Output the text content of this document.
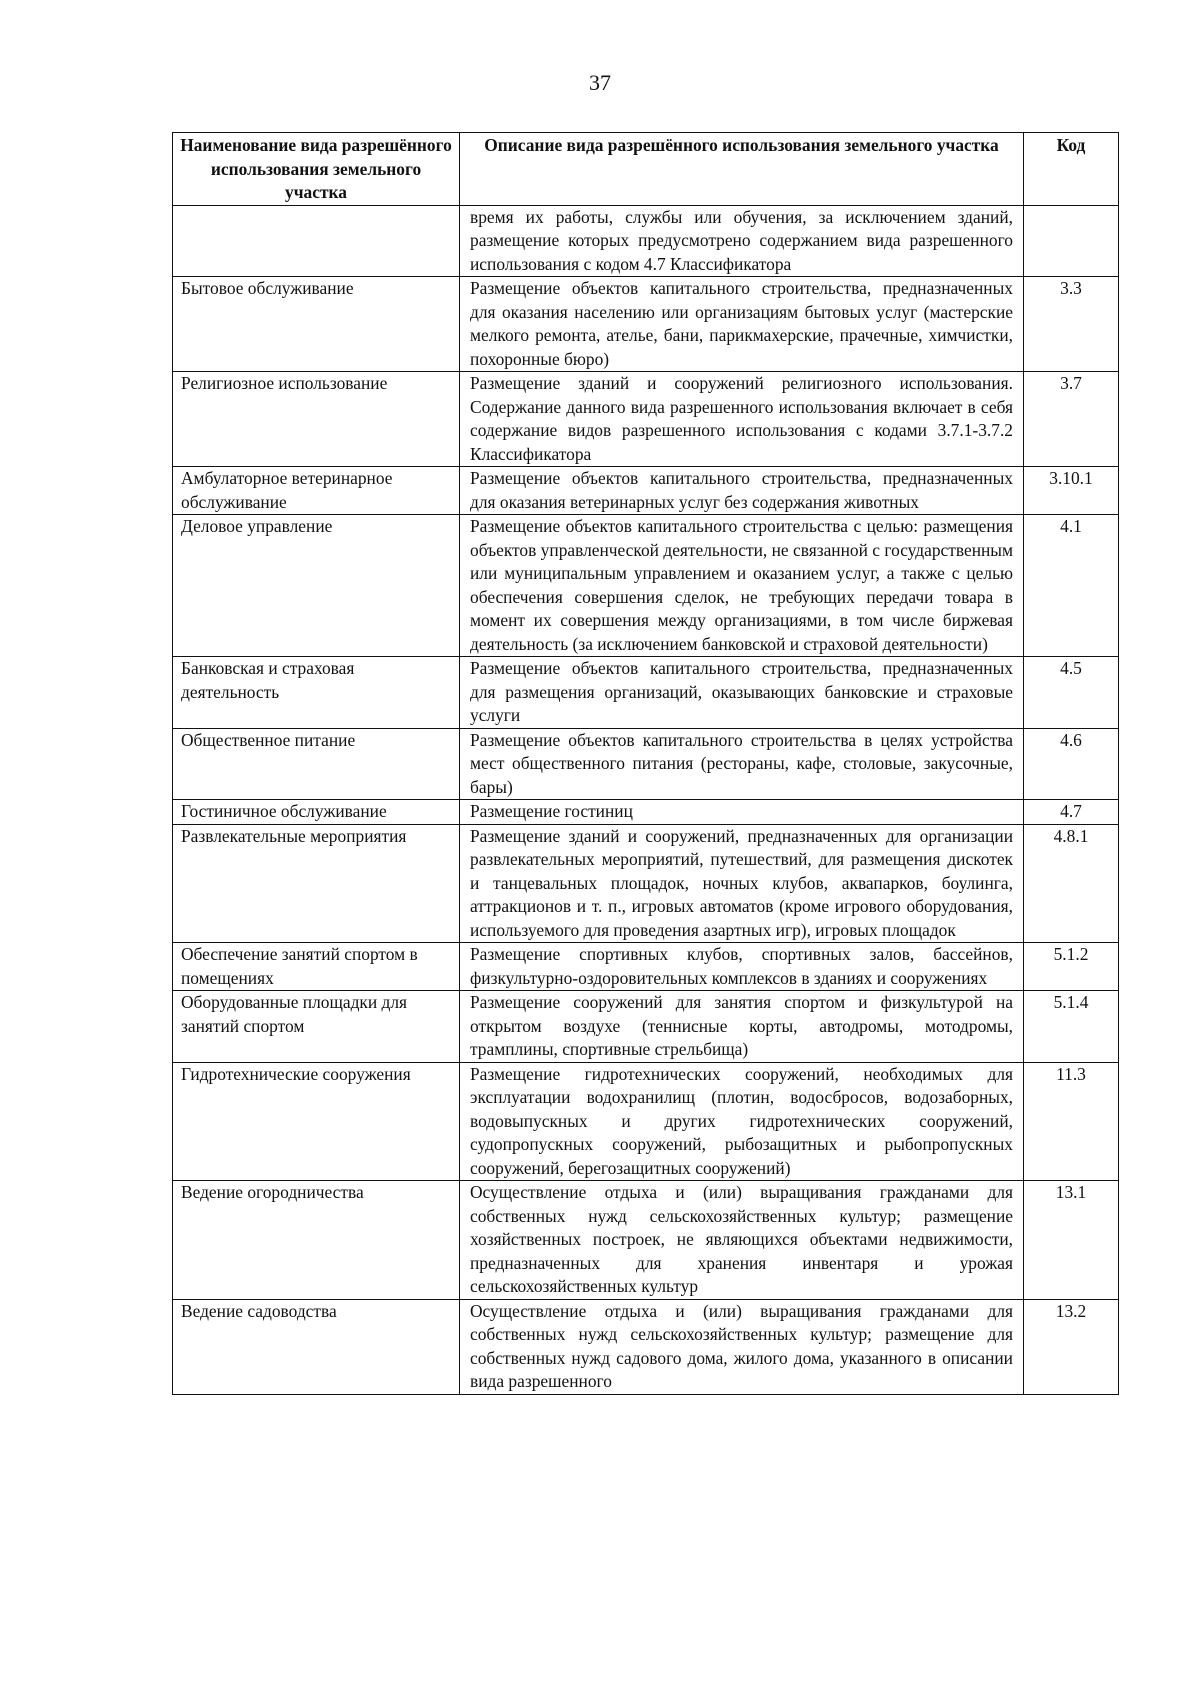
37
Наименование вида разрешённого использования земельного участка	Описание вида разрешённого использования земельного участка	Код
	время их работы, службы или обучения, за исключением зданий, размещение которых предусмотрено содержанием вида разрешенного использования с кодом 4.7 Классификатора	
Бытовое обслуживание	Размещение объектов капитального строительства, предназначенных для оказания населению или организациям бытовых услуг (мастерские мелкого ремонта, ателье, бани, парикмахерские, прачечные, химчистки, похоронные бюро)	3.3
Религиозное использование	Размещение зданий и сооружений религиозного использования. Содержание данного вида разрешенного использования включает в себя содержание видов разрешенного использования с кодами 3.7.1-3.7.2 Классификатора	3.7
Амбулаторное ветеринарное обслуживание	Размещение объектов капитального строительства, предназначенных для оказания ветеринарных услуг без содержания животных	3.10.1
Деловое управление	Размещение объектов капитального строительства с целью: размещения объектов управленческой деятельности, не связанной с государственным или муниципальным управлением и оказанием услуг, а также с целью обеспечения совершения сделок, не требующих передачи товара в момент их совершения между организациями, в том числе биржевая деятельность (за исключением банковской и страховой деятельности)	4.1
Банковская и страховая деятельность	Размещение объектов капитального строительства, предназначенных для размещения организаций, оказывающих банковские и страховые услуги	4.5
Общественное питание	Размещение объектов капитального строительства в целях устройства мест общественного питания (рестораны, кафе, столовые, закусочные, бары)	4.6
Гостиничное обслуживание	Размещение гостиниц	4.7
Развлекательные мероприятия	Размещение зданий и сооружений, предназначенных для организации развлекательных мероприятий, путешествий, для размещения дискотек и танцевальных площадок, ночных клубов, аквапарков, боулинга, аттракционов и т. п., игровых автоматов (кроме игрового оборудования, используемого для проведения азартных игр), игровых площадок	4.8.1
Обеспечение занятий спортом в помещениях	Размещение спортивных клубов, спортивных залов, бассейнов, физкультурно-оздоровительных комплексов в зданиях и сооружениях	5.1.2
Оборудованные площадки для занятий спортом	Размещение сооружений для занятия спортом и физкультурой на открытом воздухе (теннисные корты, автодромы, мотодромы, трамплины, спортивные стрельбища)	5.1.4
Гидротехнические сооружения	Размещение гидротехнических сооружений, необходимых для эксплуатации водохранилищ (плотин, водосбросов, водозаборных, водовыпускных и других гидротехнических сооружений, судопропускных сооружений, рыбозащитных и рыбопропускных сооружений, берегозащитных сооружений)	11.3
Ведение огородничества	Осуществление отдыха и (или) выращивания гражданами для собственных нужд сельскохозяйственных культур; размещение хозяйственных построек, не являющихся объектами недвижимости, предназначенных для хранения инвентаря и урожая сельскохозяйственных культур	13.1
Ведение садоводства	Осуществление отдыха и (или) выращивания гражданами для собственных нужд сельскохозяйственных культур; размещение для собственных нужд садового дома, жилого дома, указанного в описании вида разрешенного	13.2
